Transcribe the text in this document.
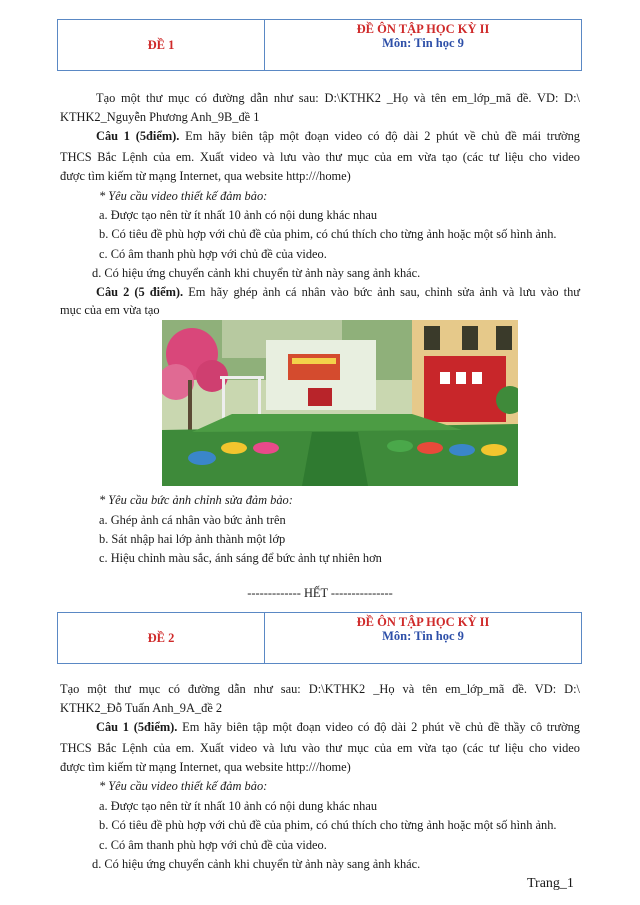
ĐỀ 1
ĐỀ ÔN TẬP HỌC KỲ II
Môn: Tin học 9
Tạo một thư mục có đường dẫn như sau: D:\KTHK2 _Họ và tên em_lớp_mã đề. VD: D:\
KTHK2_Nguyễn Phương Anh_9B_đề 1
Câu 1 (5điểm). Em hãy biên tập một đoạn video có độ dài 2 phút về chủ đề mái trường
THCS Bắc Lệnh của em. Xuất video và lưu vào thư mục của em vừa tạo (các tư liệu cho video
được tìm kiếm từ mạng Internet, qua website http:///home)
* Yêu cầu video thiết kế đảm bảo:
a. Được tạo nên từ ít nhất 10 ảnh có nội dung khác nhau
b. Có tiêu đề phù hợp với chủ đề của phim, có chú thích cho từng ảnh hoặc một số hình ảnh.
c. Có âm thanh phù hợp với chủ đề của video.
d. Có hiệu ứng chuyển cảnh khi chuyển từ ảnh này sang ảnh khác.
Câu 2 (5 điểm). Em hãy ghép ảnh cá nhân vào bức ảnh sau, chỉnh sửa ảnh và lưu vào thư
mục của em vừa tạo
* Yêu cầu bức ảnh chỉnh sửa đảm bảo:
a. Ghép ảnh cá nhân vào bức ảnh trên
b. Sát nhập hai lớp ảnh thành một lớp
c. Hiệu chỉnh màu sắc, ánh sáng để bức ảnh tự nhiên hơn
------------- HẾT ---------------
ĐỀ 2
ĐỀ ÔN TẬP HỌC KỲ II
Môn: Tin học 9
Tạo một thư mục có đường dẫn như sau: D:\KTHK2 _Họ và tên em_lớp_mã đề. VD: D:\
KTHK2_Đỗ Tuấn Anh_9A_đề 2
Câu 1 (5điểm). Em hãy biên tập một đoạn video có độ dài 2 phút về chủ đề thầy cô trường
THCS Bắc Lệnh của em. Xuất video và lưu vào thư mục của em vừa tạo (các tư liệu cho video
được tìm kiếm từ mạng Internet, qua website http:///home)
* Yêu cầu video thiết kế đảm bảo:
a. Được tạo nên từ ít nhất 10 ảnh có nội dung khác nhau
b. Có tiêu đề phù hợp với chủ đề của phim, có chú thích cho từng ảnh hoặc một số hình ảnh.
c. Có âm thanh phù hợp với chủ đề của video.
d. Có hiệu ứng chuyển cảnh khi chuyển từ ảnh này sang ảnh khác.
Trang_1
